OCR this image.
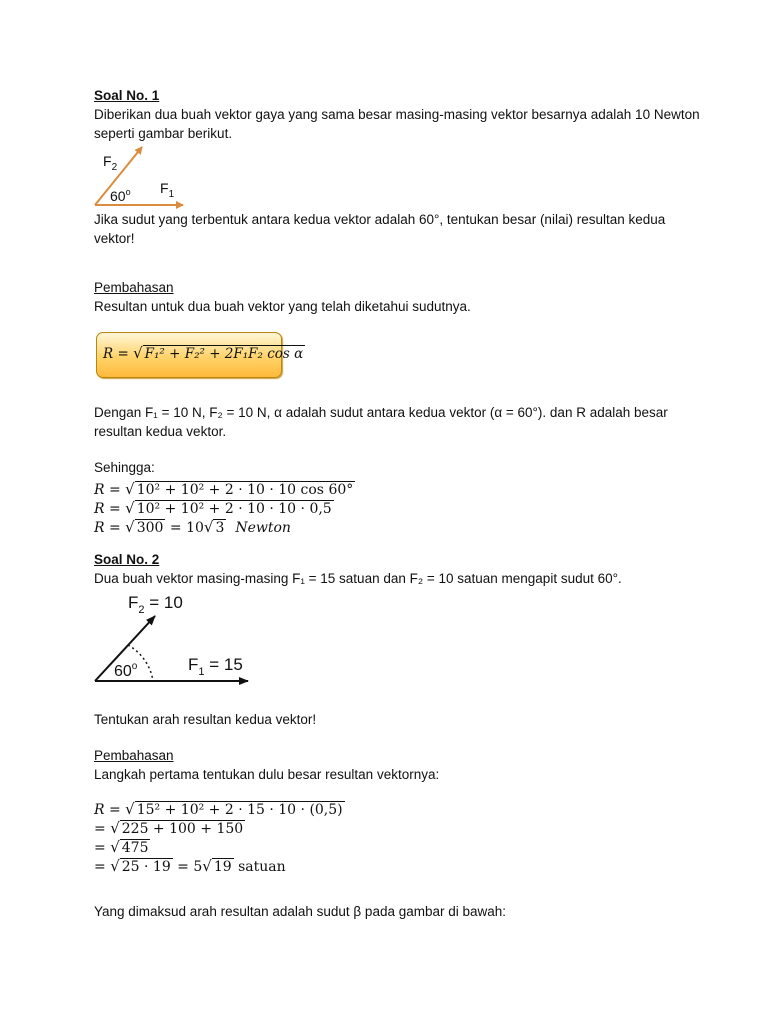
Soal No. 1
Diberikan dua buah vektor gaya yang sama besar masing-masing vektor besarnya adalah 10 Newton
seperti gambar berikut.
$F_2$
$F_1$
60$^o$
60$^o$
$F_2 = 10$
$F_1 = 15$
Jika sudut yang terbentuk antara kedua vektor adalah 60°, tentukan besar (nilai) resultan kedua
vektor!
Pembahasan
Resultan untuk dua buah vektor yang telah diketahui sudutnya.
R = √ F₁² + F₂² + 2F₁F₂ cos α
Dengan F₁ = 10 N, F₂ = 10 N, α adalah sudut antara kedua vektor (α = 60°). dan R adalah besar
resultan kedua vektor.
Sehingga:
R = √ 10² + 10² + 2 · 10 · 10 cos 60°
R = √ 10² + 10² + 2 · 10 · 10 · 0,5
R = √ 300 = 10√ 3 Newton
Soal No. 2
Dua buah vektor masing-masing F₁ = 15 satuan dan F₂ = 10 satuan mengapit sudut 60°.
Tentukan arah resultan kedua vektor!
Pembahasan
Langkah pertama tentukan dulu besar resultan vektornya:
R = √ 15² + 10² + 2 · 15 · 10 · (0,5)
= √ 225 + 100 + 150
= √ 475
= √ 25 · 19 = 5√ 19 satuan
Yang dimaksud arah resultan adalah sudut β pada gambar di bawah:
